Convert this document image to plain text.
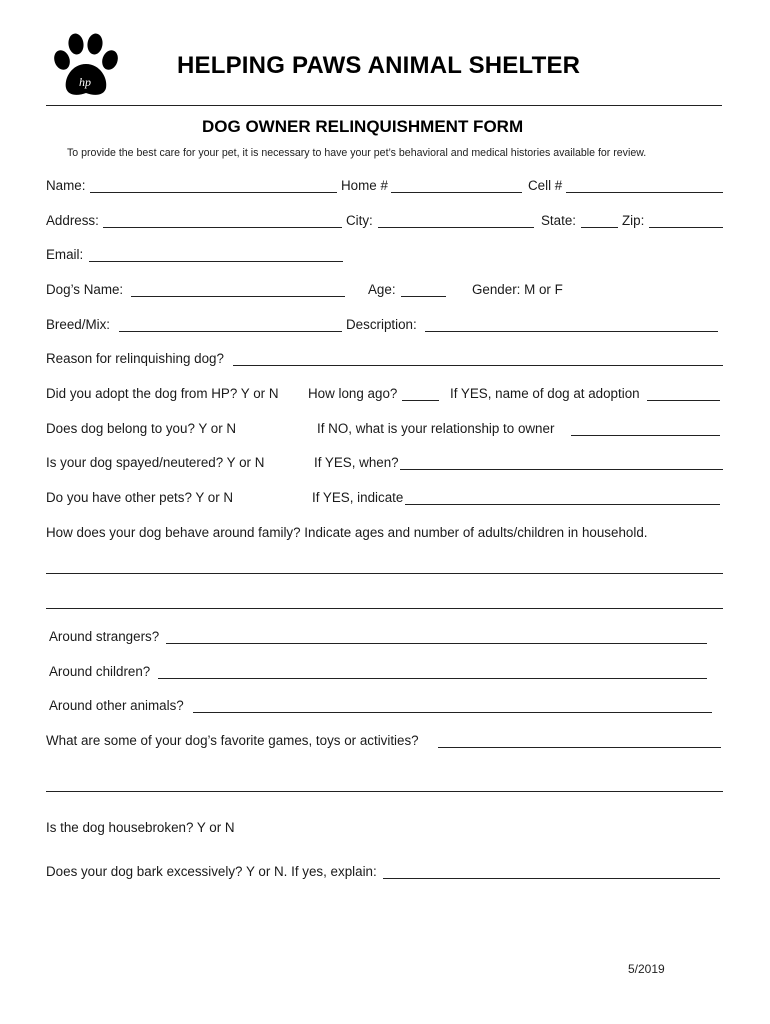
hp
HELPING PAWS ANIMAL SHELTER
DOG OWNER RELINQUISHMENT FORM
To provide the best care for your pet, it is necessary to have your pet’s behavioral and medical histories available for review.
Name:	Home #	Cell #
Address:	City:	State:	Zip:
Email:
Dog’s Name:	Age:	Gender: M or F
Breed/Mix:	Description:
Reason for relinquishing dog?
Did you adopt the dog from HP? Y or N How long ago?	If YES, name of dog at adoption
Does dog belong to you? Y or N	If NO, what is your relationship to owner
Is your dog spayed/neutered? Y or N	If YES, when?
Do you have other pets? Y or N	If YES, indicate
How does your dog behave around family? Indicate ages and number of adults/children in household.
Around strangers?
Around children?
Around other animals?
What are some of your dog’s favorite games, toys or activities?
Is the dog housebroken? Y or N
Does your dog bark excessively? Y or N. If yes, explain:
5/2019
